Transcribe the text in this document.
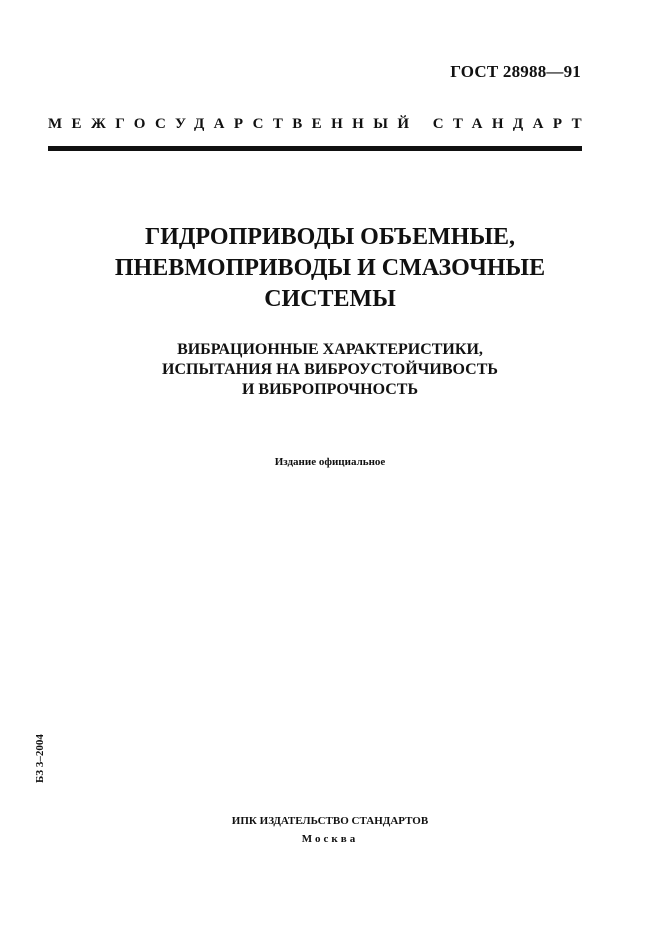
ГОСТ 28988—91
МЕЖГОСУДАРСТВЕННЫЙ СТАНДАРТ
ГИДРОПРИВОДЫ ОБЪЕМНЫЕ,
ПНЕВМОПРИВОДЫ И СМАЗОЧНЫЕ
СИСТЕМЫ
ВИБРАЦИОННЫЕ ХАРАКТЕРИСТИКИ,
ИСПЫТАНИЯ НА ВИБРОУСТОЙЧИВОСТЬ
И ВИБРОПРОЧНОСТЬ
Издание официальное
БЗ 3–2004
ИПК ИЗДАТЕЛЬСТВО СТАНДАРТОВ
Москва
